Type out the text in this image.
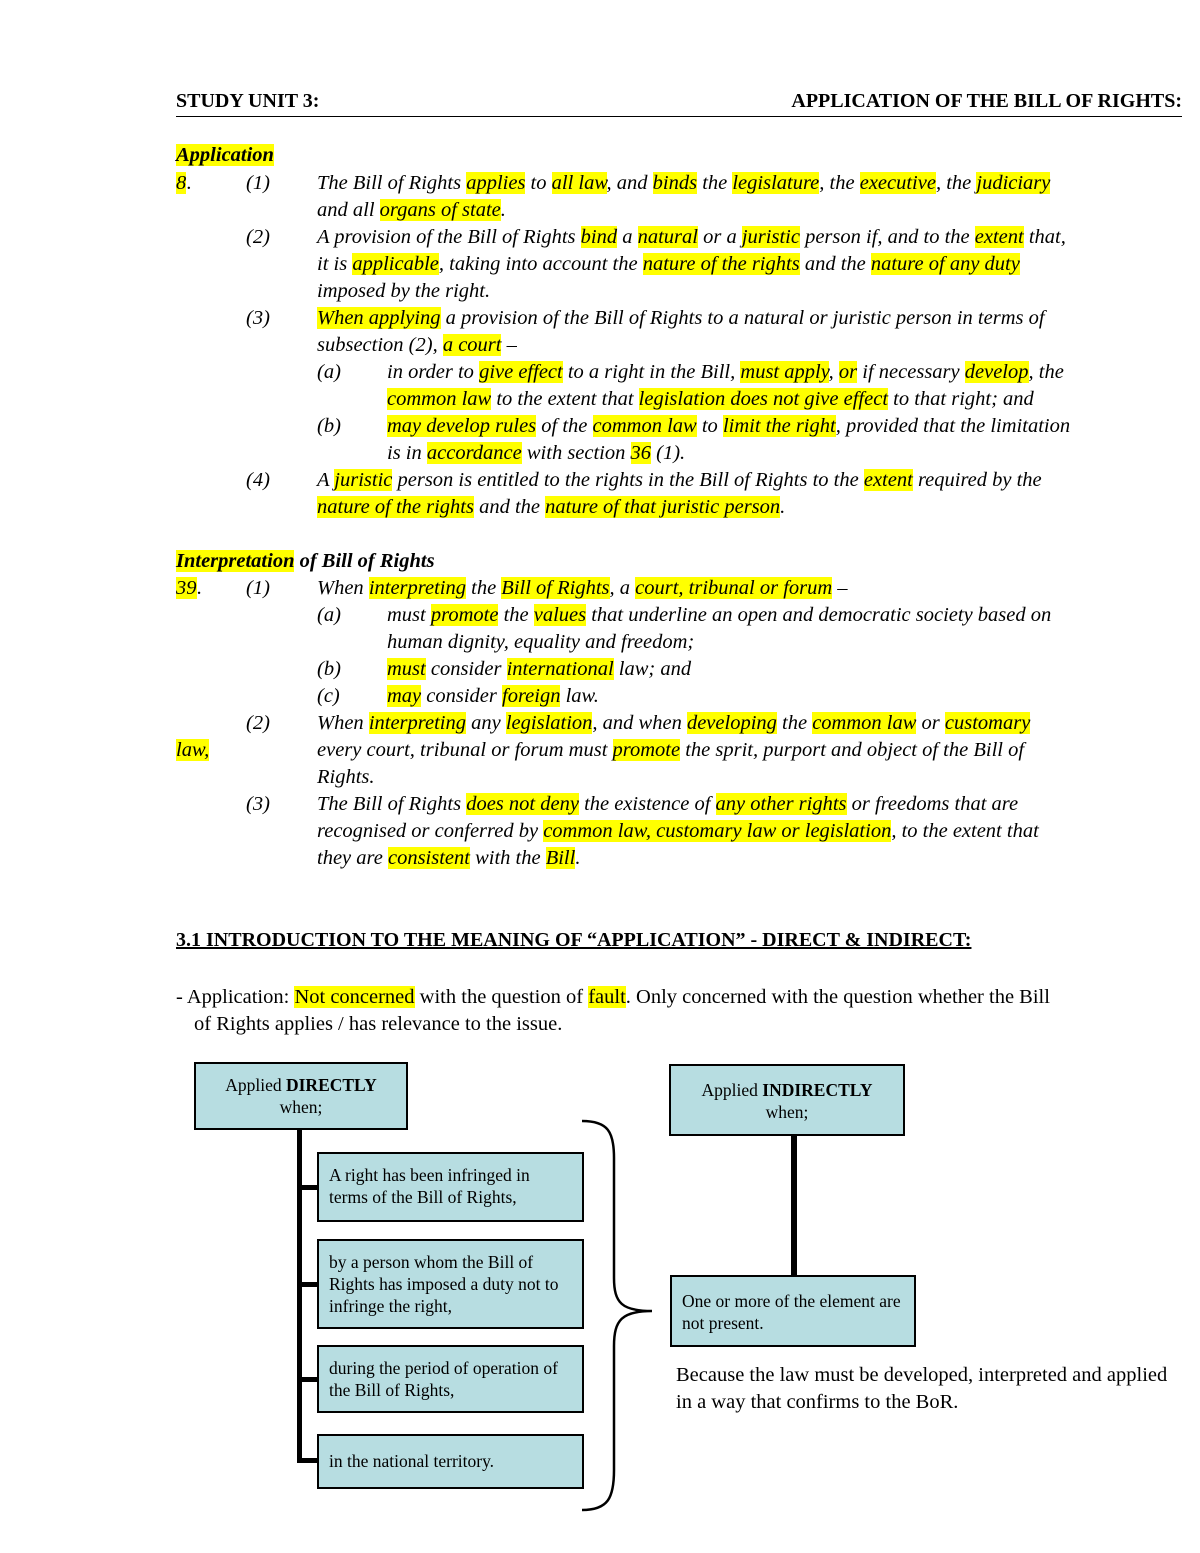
STUDY UNIT 3:	APPLICATION OF THE BILL OF RIGHTS:
Application
8.	(1) The Bill of Rights applies to all law, and binds the legislature, the executive, the judiciary
and all organs of state.
(2) A provision of the Bill of Rights bind a natural or a juristic person if, and to the extent that,
it is applicable, taking into account the nature of the rights and the nature of any duty
imposed by the right.
(3) When applying a provision of the Bill of Rights to a natural or juristic person in terms of
subsection (2), a court –
(a) in order to give effect to a right in the Bill, must apply, or if necessary develop, the
common law to the extent that legislation does not give effect to that right; and
(b) may develop rules of the common law to limit the right, provided that the limitation
is in accordance with section 36 (1).
(4) A juristic person is entitled to the rights in the Bill of Rights to the extent required by the
nature of the rights and the nature of that juristic person.
Interpretation of Bill of Rights
39. (1) When interpreting the Bill of Rights, a court, tribunal or forum –
(a) must promote the values that underline an open and democratic society based on
human dignity, equality and freedom;
(b) must consider international law; and
(c) may consider foreign law.
(2) When interpreting any legislation, and when developing the common law or customary
law,	every court, tribunal or forum must promote the sprit, purport and object of the Bill of
Rights.
(3) The Bill of Rights does not deny the existence of any other rights or freedoms that are
recognised or conferred by common law, customary law or legislation, to the extent that
they are consistent with the Bill.
3.1 INTRODUCTION TO THE MEANING OF “APPLICATION” - DIRECT & INDIRECT:
- Application: Not concerned with the question of fault. Only concerned with the question whether the Bill
of Rights applies / has relevance to the issue.
Applied DIRECTLY
when;
Applied INDIRECTLY
when;
A right has been infringed in terms of the Bill of Rights,
by a person whom the Bill of Rights has imposed a duty not to infringe the right,
during the period of operation of the Bill of Rights,
in the national territory.
One or more of the element are not present.
Because the law must be developed, interpreted and applied in a way that confirms to the BoR.
